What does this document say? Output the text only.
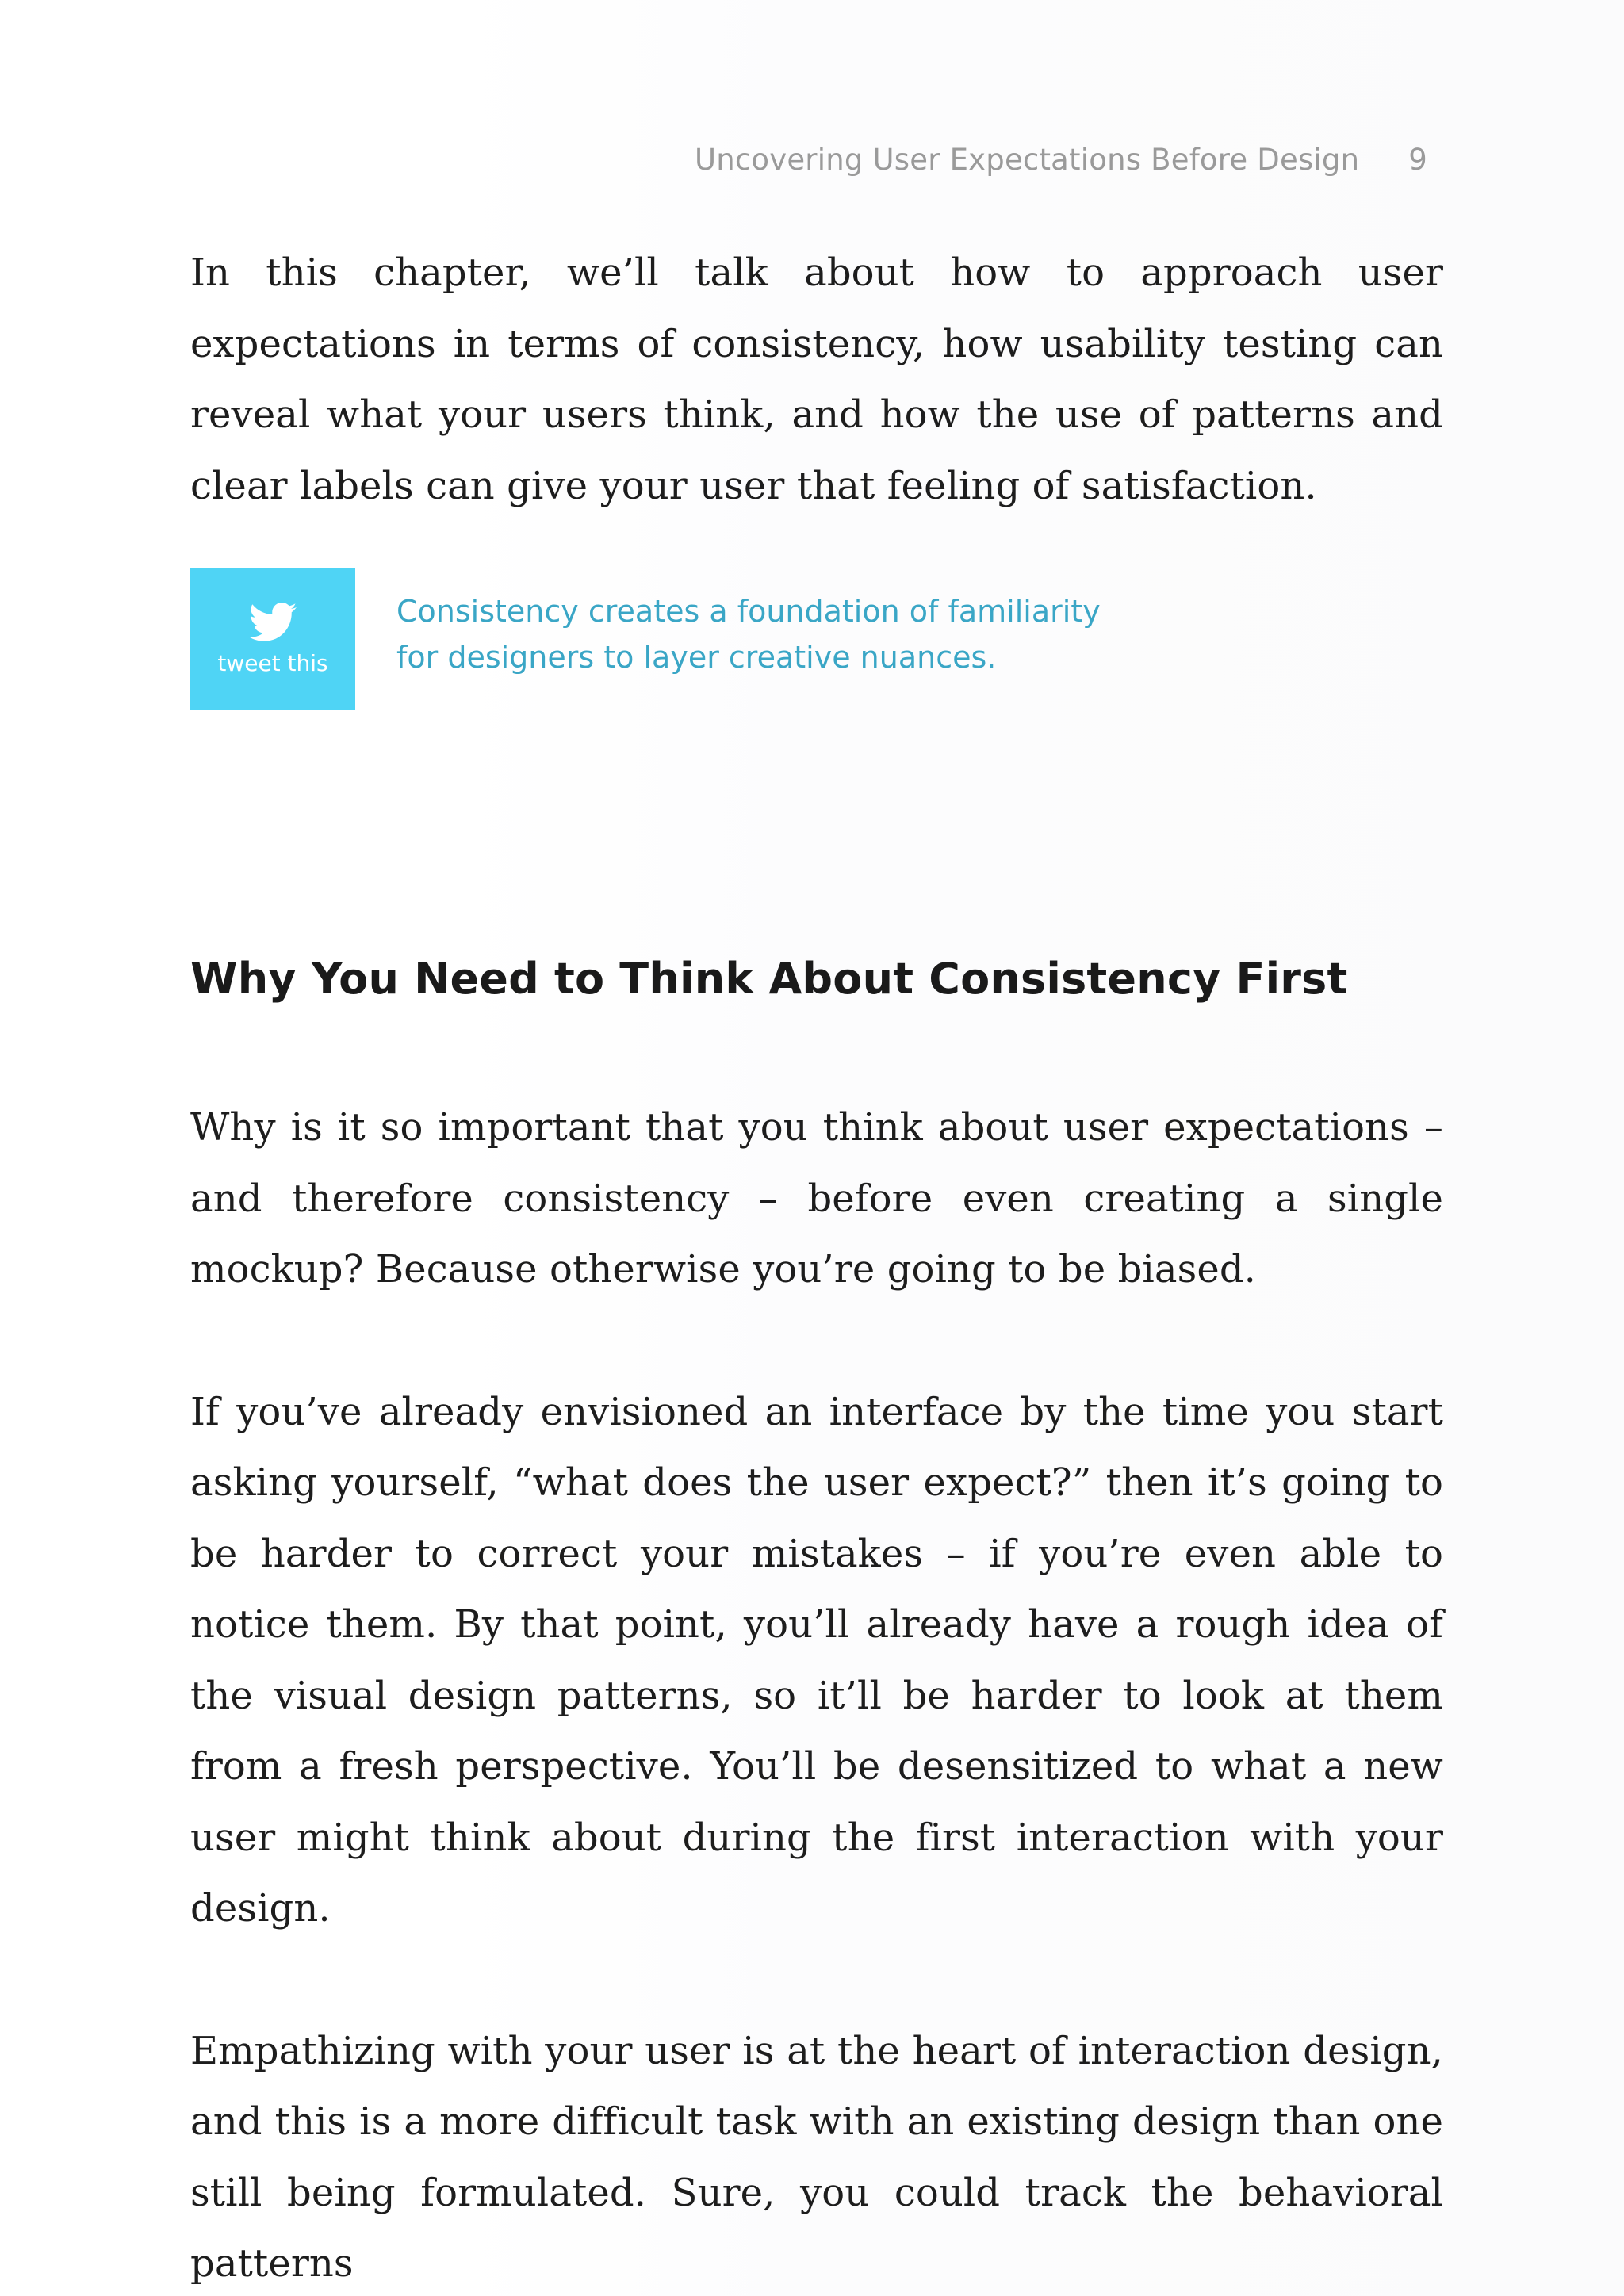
Uncovering User Expectations Before Design 9

In this chapter, we’ll talk about how to approach user expectations in terms of consistency, how usability testing can reveal what your users think, and how the use of patterns and clear labels can give your user that feeling of satisfaction.

tweet this
Consistency creates a foundation of familiarity
for designers to layer creative nuances.
Why You Need to Think About Consistency First

Why is it so important that you think about user expectations – and therefore consistency – before even creating a single mockup? Because otherwise you’re going to be biased.

If you’ve already envisioned an interface by the time you start asking yourself, “what does the user expect?” then it’s going to be harder to correct your mistakes – if you’re even able to notice them. By that point, you’ll already have a rough idea of the visual design patterns, so it’ll be harder to look at them from a fresh perspective. You’ll be desensitized to what a new user might think about during the first interaction with your design.

Empathizing with your user is at the heart of interaction design, and this is a more difficult task with an existing design than one still being formulated. Sure, you could track the behavioral patterns
